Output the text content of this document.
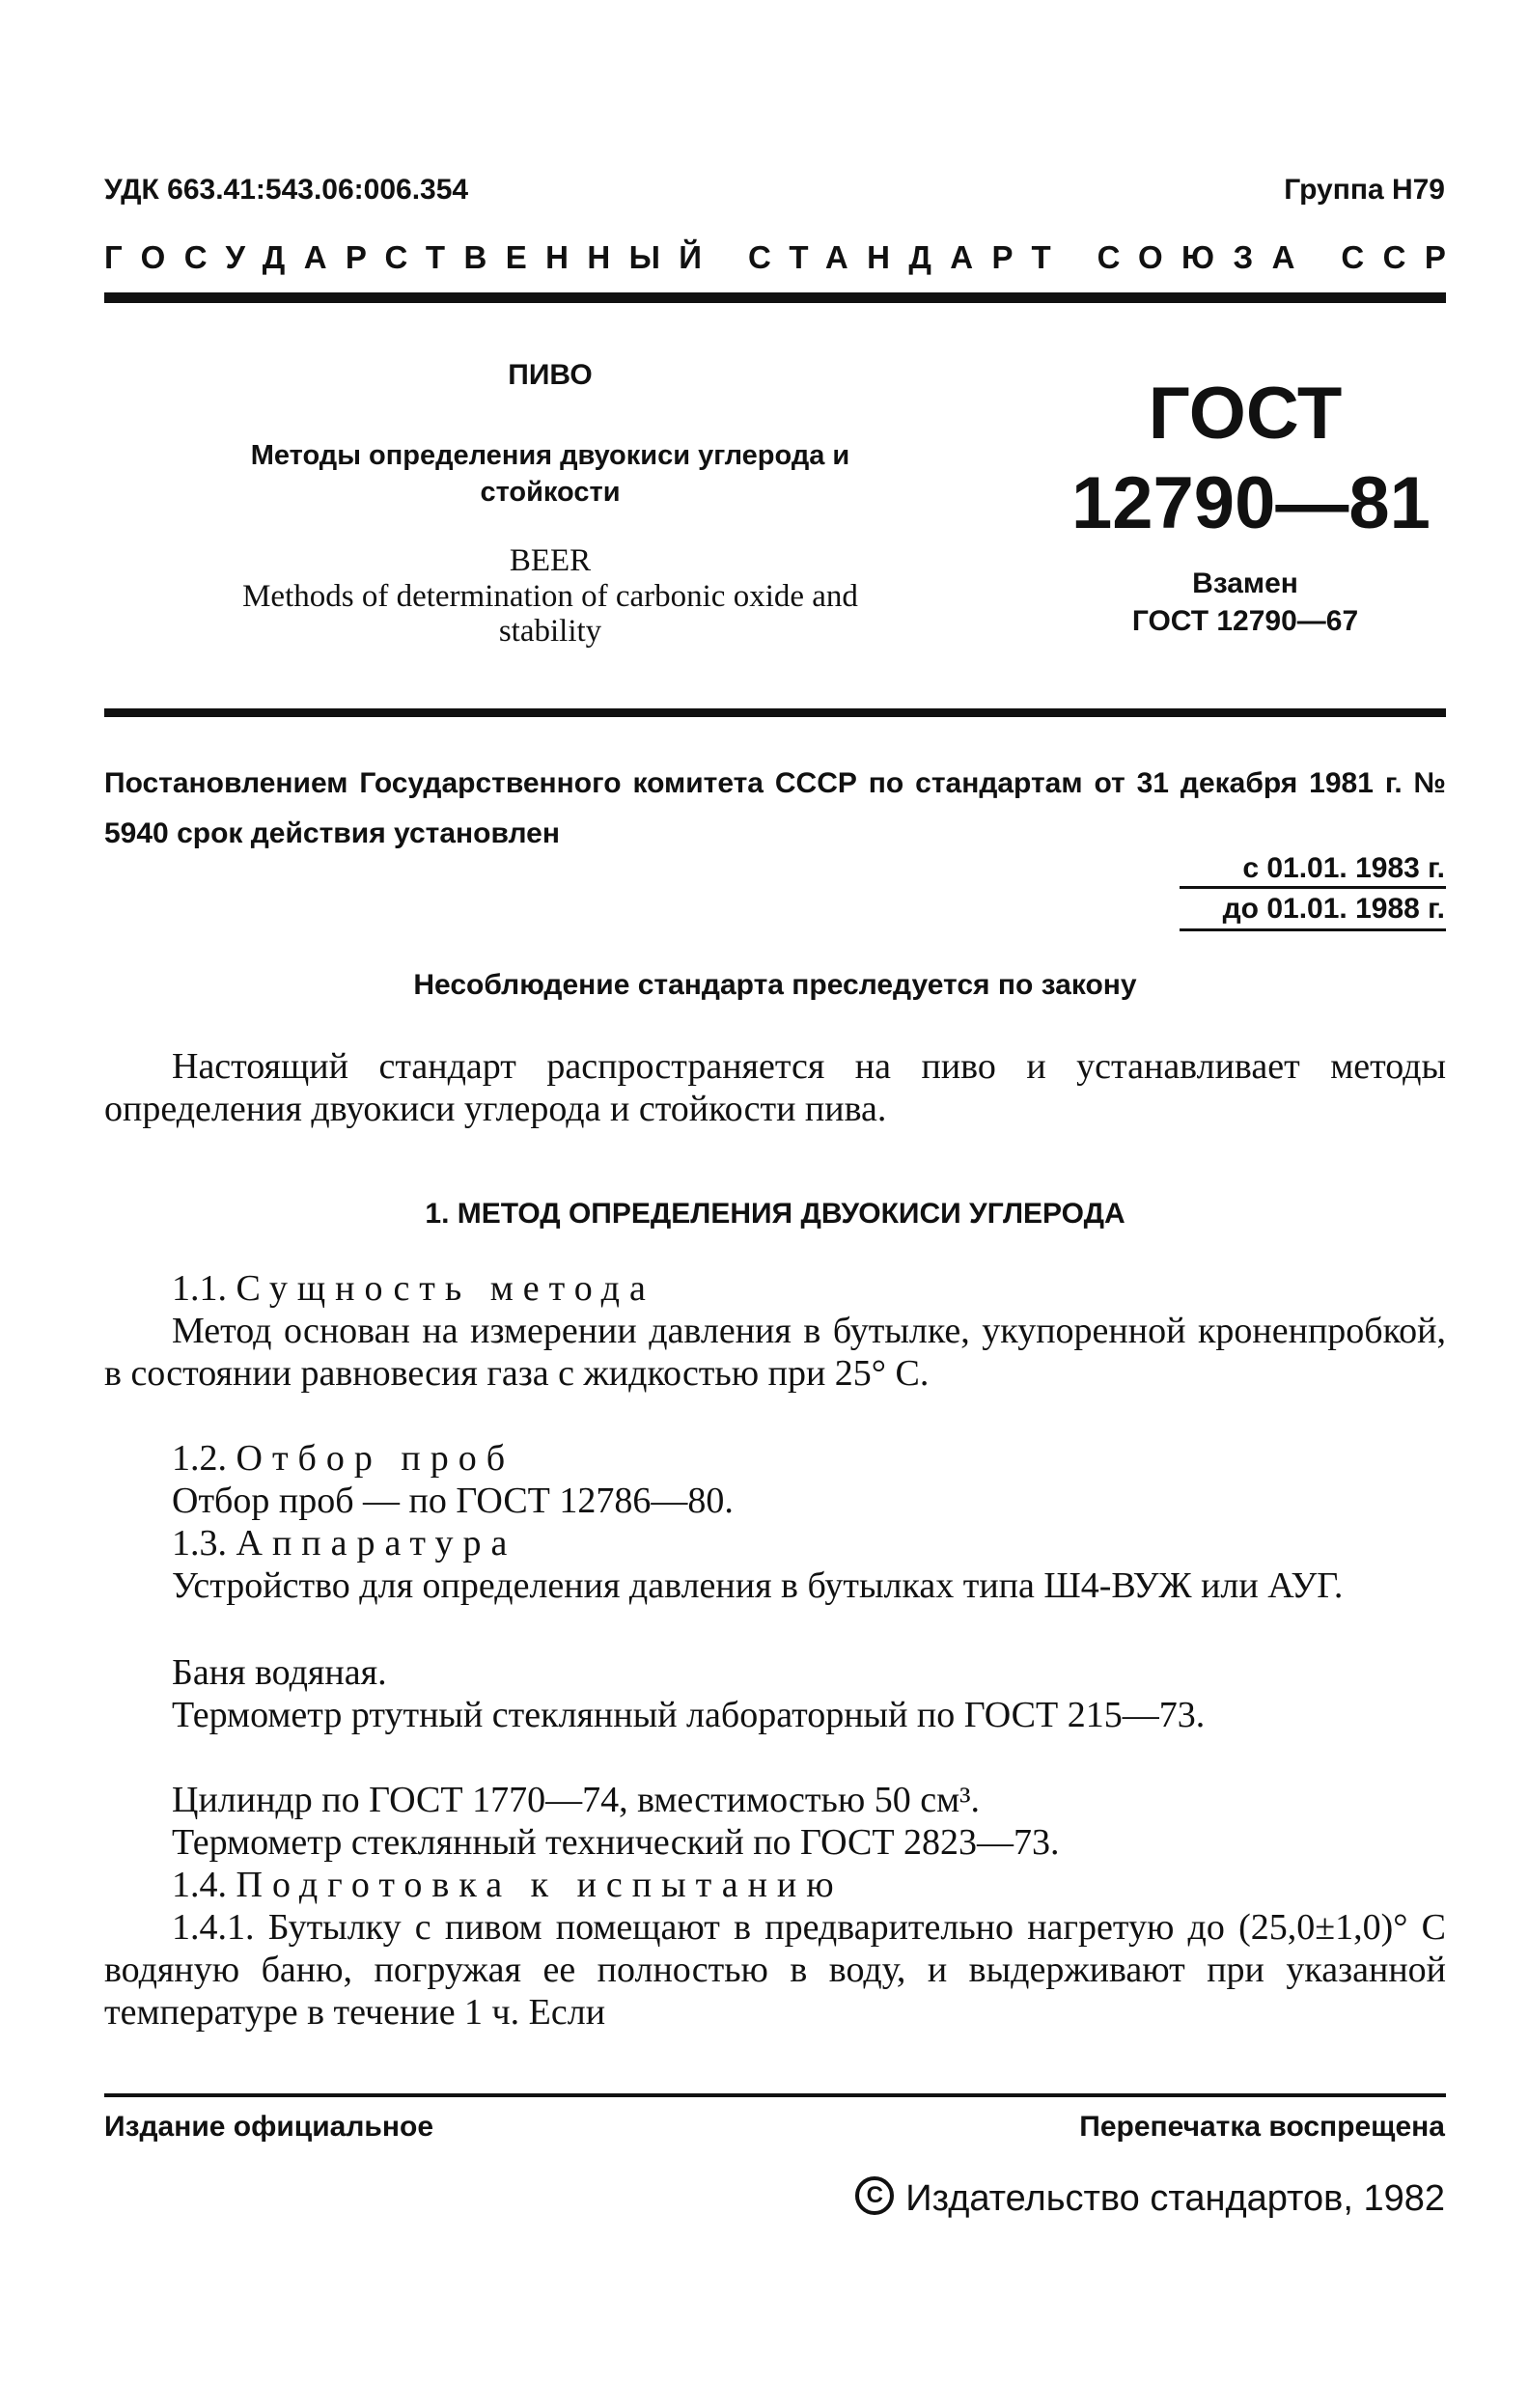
УДК 663.41:543.06:006.354	Группа Н79
ГОСУДАРСТВЕННЫЙ СТАНДАРТ СОЮЗА ССР
ПИВО
Методы определения двуокиси углерода и стойкости
BEER
Methods of determination of carbonic oxide and stability
ГОСТ
12790—81
Взамен
ГОСТ 12790—67
Постановлением Государственного комитета СССР по стандартам от 31 декабря 1981 г. № 5940 срок действия установлен
с 01.01. 1983 г.
до 01.01. 1988 г.
Несоблюдение стандарта преследуется по закону

Настоящий стандарт распространяется на пиво и устанавливает методы определения двуокиси углерода и стойкости пива.

1. МЕТОД ОПРЕДЕЛЕНИЯ ДВУОКИСИ УГЛЕРОДА
1.1. Сущность метода

Метод основан на измерении давления в бутылке, укупоренной кроненпробкой, в состоянии равновесия газа с жидкостью при 25° С.

1.2. Отбор проб
Отбор проб — по ГОСТ 12786—80.
1.3. Аппаратура

Устройство для определения давления в бутылках типа Ш4-ВУЖ или АУГ.

Баня водяная.

Термометр ртутный стеклянный лабораторный по ГОСТ 215—73.

Цилиндр по ГОСТ 1770—74, вместимостью 50 см³.
Термометр стеклянный технический по ГОСТ 2823—73.
1.4. Подготовка к испытанию

1.4.1. Бутылку с пивом помещают в предварительно нагретую до (25,0±1,0)° С водяную баню, погружая ее полностью в воду, и выдерживают при указанной температуре в течение 1 ч. Если

Издание официальное	Перепечатка воспрещена
CИздательство стандартов, 1982
